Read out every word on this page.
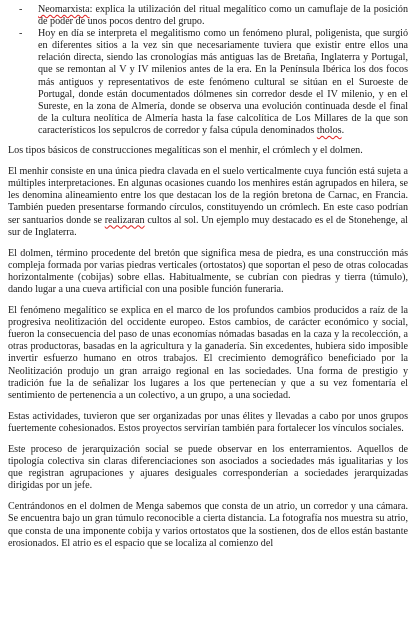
- Neomarxista: explica la utilización del ritual megalítico como un camuflaje de la posición de poder de unos pocos dentro del grupo.
- Hoy en día se interpreta el megalitismo como un fenómeno plural, poligenista, que surgió en diferentes sitios a la vez sin que necesariamente tuviera que existir entre ellos una relación directa, siendo las cronologías más antiguas las de Bretaña, Inglaterra y Portugal, que se remontan al V y IV milenios antes de la era. En la Península Ibérica los dos focos más antiguos y representativos de este fenómeno cultural se sitúan en el Suroeste de Portugal, donde están documentados dólmenes sin corredor desde el IV milenio, y en el Sureste, en la zona de Almería, donde se observa una evolución continuada desde el final de la cultura neolítica de Almería hasta la fase calcolítica de Los Millares de la que son característicos los sepulcros de corredor y falsa cúpula denominados tholos.

Los tipos básicos de construcciones megalíticas son el menhir, el crómlech y el dolmen.

El menhir consiste en una única piedra clavada en el suelo verticalmente cuya función está sujeta a múltiples interpretaciones. En algunas ocasiones cuando los menhires están agrupados en hilera, se les denomina alineamiento entre los que destacan los de la región bretona de Carnac, en Francia. También pueden presentarse formando círculos, constituyendo un crómlech. En este caso podrían ser santuarios donde se realizaran cultos al sol. Un ejemplo muy destacado es el de Stonehenge, al sur de Inglaterra.

El dolmen, término procedente del bretón que significa mesa de piedra, es una construcción más compleja formada por varias piedras verticales (ortostatos) que soportan el peso de otras colocadas horizontalmente (cobijas) sobre ellas. Habitualmente, se cubrían con piedras y tierra (túmulo), dando lugar a una cueva artificial con una posible función funeraria.

El fenómeno megalítico se explica en el marco de los profundos cambios producidos a raíz de la progresiva neolitización del occidente europeo. Estos cambios, de carácter económico y social, fueron la consecuencia del paso de unas economías nómadas basadas en la caza y la recolección, a otras productoras, basadas en la agricultura y la ganadería. Sin excedentes, hubiera sido imposible invertir esfuerzo humano en otros trabajos. El crecimiento demográfico beneficiado por la Neolitización produjo un gran arraigo regional en las sociedades. Una forma de prestigio y tradición fue la de señalizar los lugares a los que pertenecían y que a su vez fomentaría el sentimiento de pertenencia a un colectivo, a un grupo, a una sociedad.

Estas actividades, tuvieron que ser organizadas por unas élites y llevadas a cabo por unos grupos fuertemente cohesionados. Estos proyectos servirían también para fortalecer los vínculos sociales.

Este proceso de jerarquización social se puede observar en los enterramientos. Aquellos de tipología colectiva sin claras diferenciaciones son asociados a sociedades más igualitarias y los que registran agrupaciones y ajuares desiguales corresponderían a sociedades jerarquizadas dirigidas por un jefe.

Centrándonos en el dolmen de Menga sabemos que consta de un atrio, un corredor y una cámara. Se encuentra bajo un gran túmulo reconocible a cierta distancia. La fotografía nos muestra su atrio, que consta de una imponente cobija y varios ortostatos que la sostienen, dos de ellos están bastante erosionados. El atrio es el espacio que se localiza al comienzo del
